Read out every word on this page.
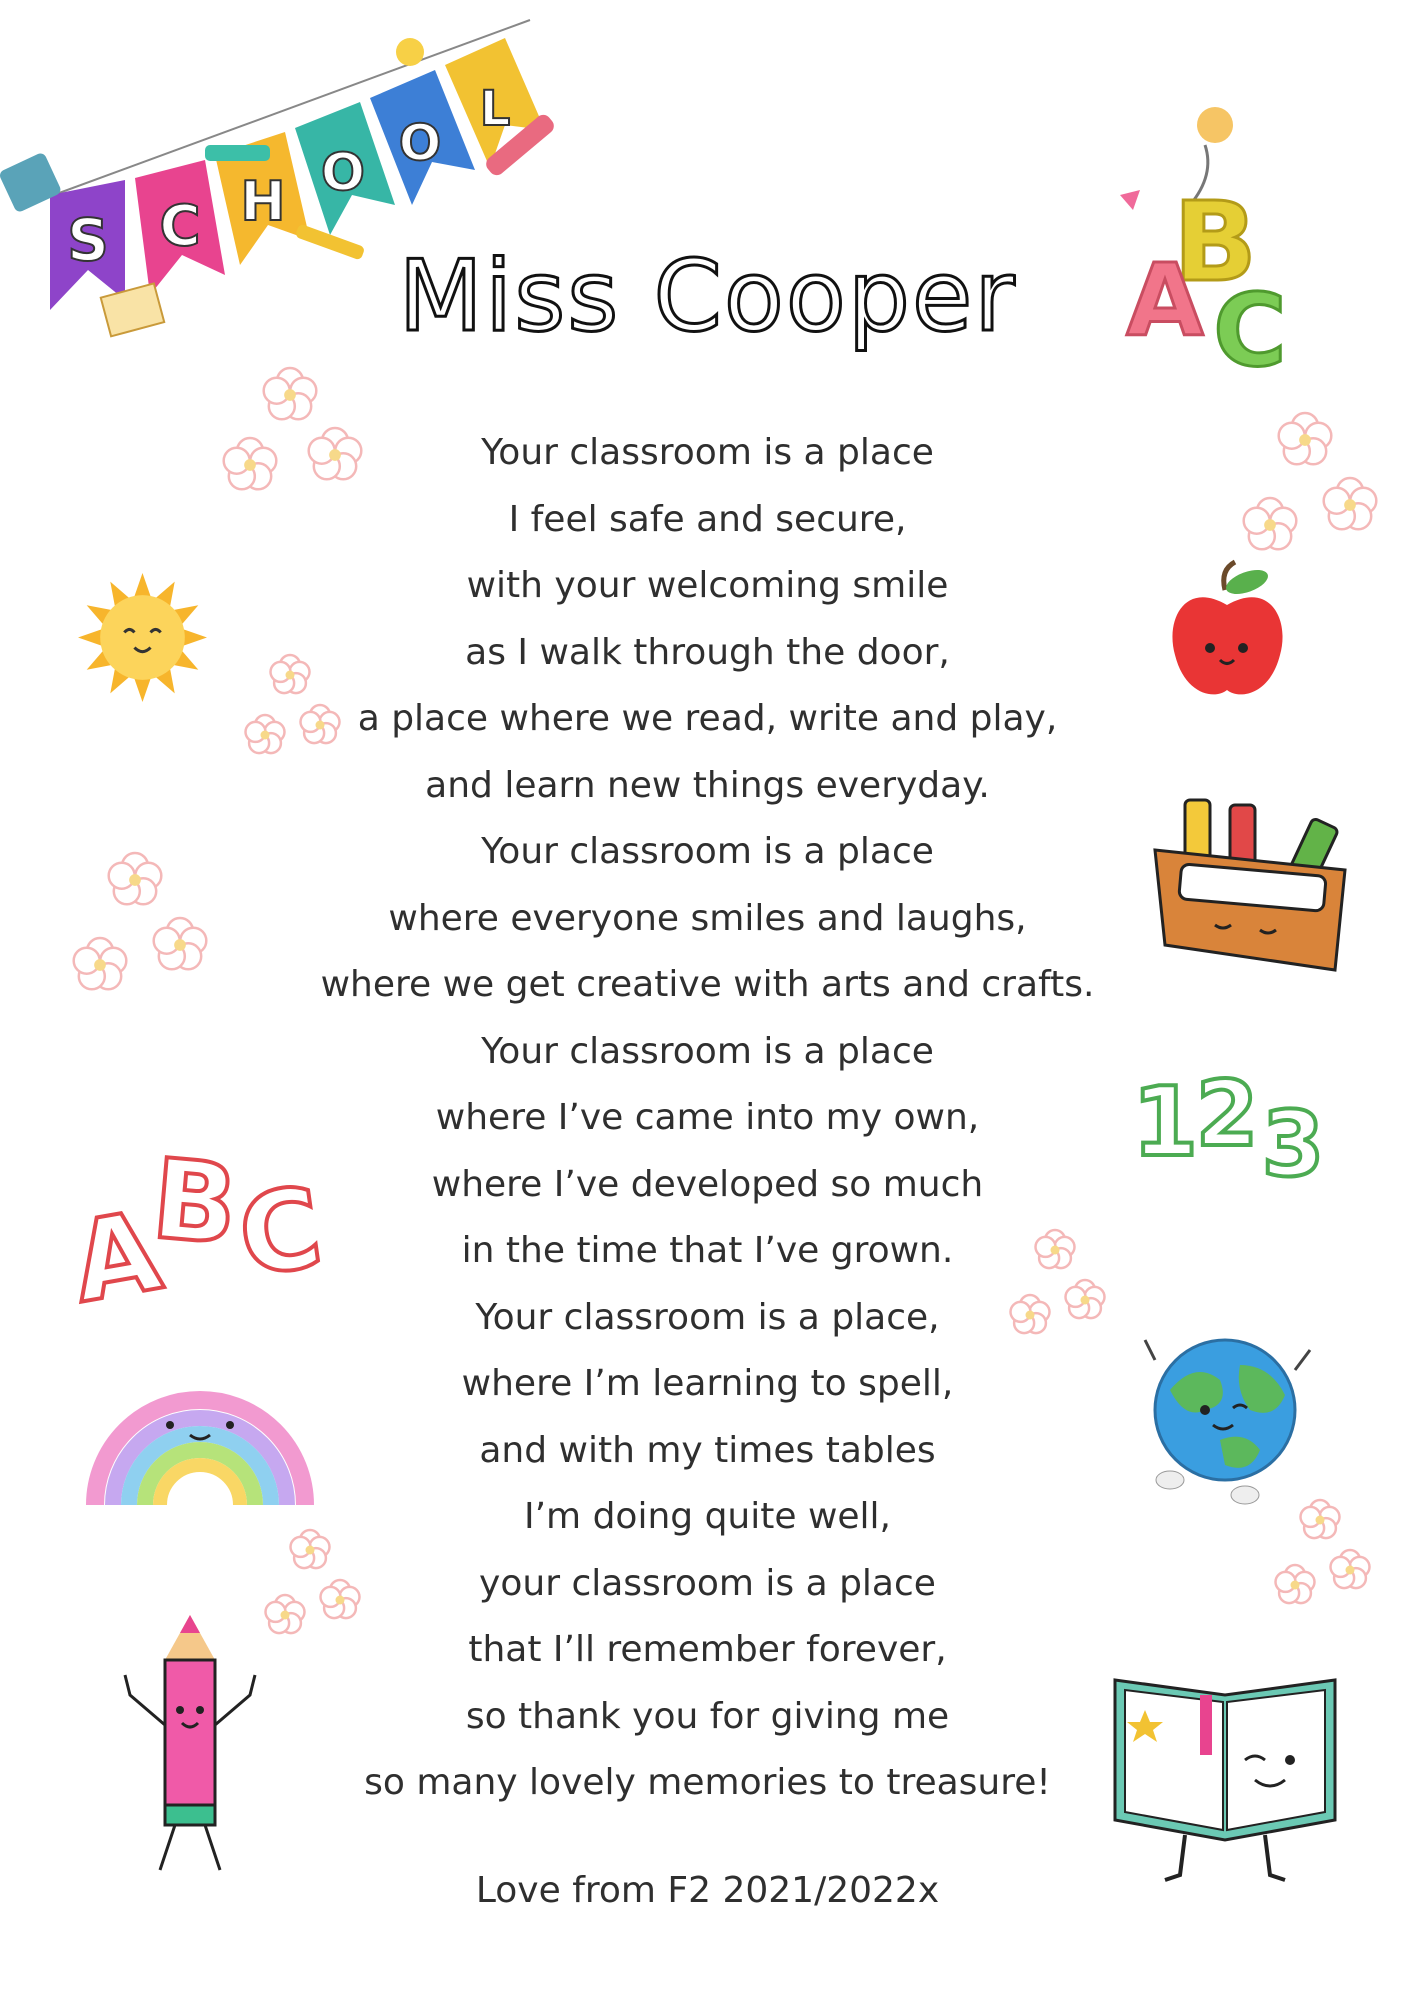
S C H O O
L
B
A C
Miss Cooper
Your classroom is a place
I feel safe and secure,
with your welcoming smile
as I walk through the door,
a place where we read, write and play,
and learn new things everyday.
Your classroom is a place
where everyone smiles and laughs,
where we get creative with arts and crafts.
Your classroom is a place
where I’ve came into my own,
where I’ve developed so much
in the time that I’ve grown.
Your classroom is a place,
where I’m learning to spell,
and with my times tables
I’m doing quite well,
your classroom is a place
that I’ll remember forever,
so thank you for giving me
so many lovely memories to treasure!
Love from F2 2021/2022x
1
2 3
A
B
C
